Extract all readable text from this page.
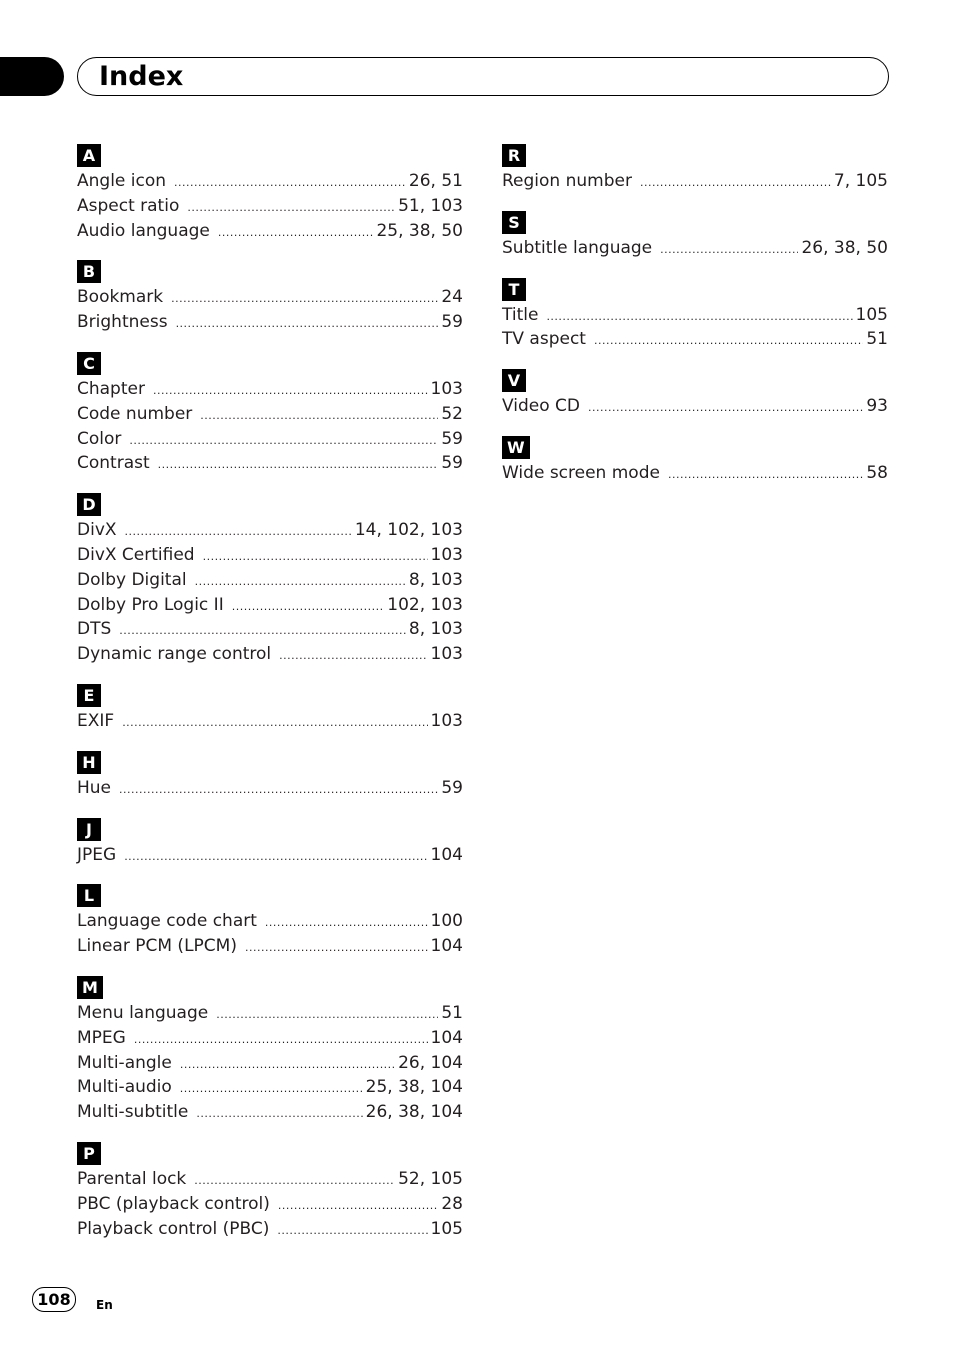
Index
A
Angle icon .....	26, 51
Aspect ratio .....	51, 103
Audio language .....	25, 38, 50
B
Bookmark .....	24
Brightness .....	59
C
Chapter .....	103
Code number .....	52
Color .....	59
Contrast .....	59
D
DivX .....	14, 102, 103
DivX Certified .....	103
Dolby Digital .....	8, 103
Dolby Pro Logic II .....	102, 103
DTS .....	8, 103
Dynamic range control .....	103
E
EXIF .....	103
H
Hue .....	59
J
JPEG .....	104
L
Language code chart .....	100
Linear PCM (LPCM) .....	104
M
Menu language .....	51
MPEG .....	104
Multi-angle .....	26, 104
Multi-audio .....	25, 38, 104
Multi-subtitle .....	26, 38, 104
P
Parental lock .....	52, 105
PBC (playback control) .....	28
Playback control (PBC) .....	105
R
Region number .....	7, 105
S
Subtitle language .....	26, 38, 50
T
Title .....	105
TV aspect .....	51
V
Video CD .....	93
W
Wide screen mode .....	58
108	En
